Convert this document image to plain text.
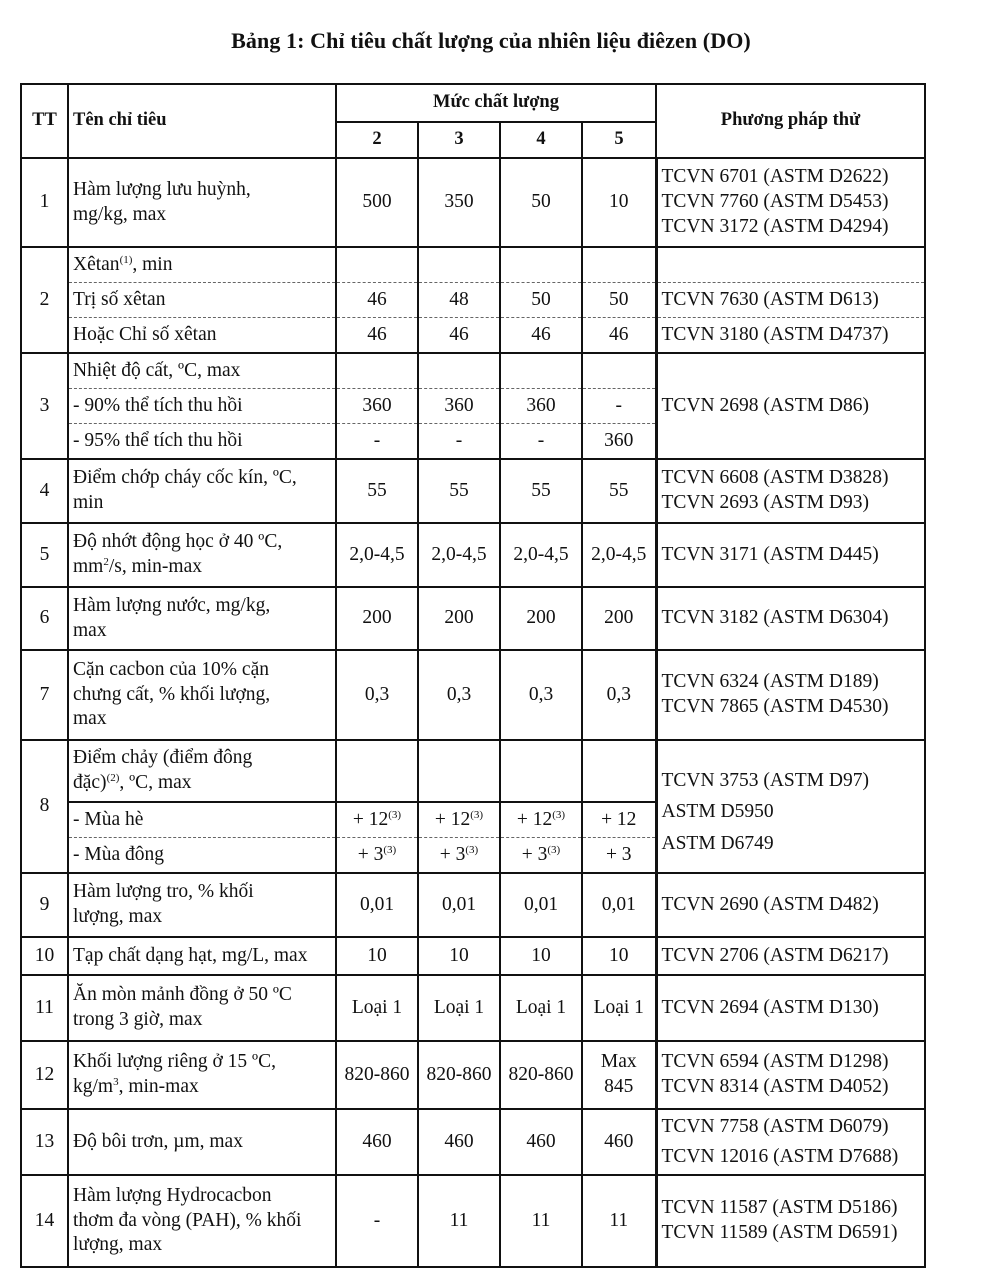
Bảng 1: Chỉ tiêu chất lượng của nhiên liệu điêzen (DO)
TT	Tên chỉ tiêu	Mức chất lượng				Phương pháp thử
		2	3	4	5	
1	Hàm lượng lưu huỳnh,
mg/kg, max	500	350	50	10	TCVN 6701 (ASTM D2622)
TCVN 7760 (ASTM D5453)
TCVN 3172 (ASTM D4294)
2	Xêtan$^{(1)}$, min					
	Trị số xêtan	46	48	50	50	TCVN 7630 (ASTM D613)
	Hoặc Chỉ số xêtan	46	46	46	46	TCVN 3180 (ASTM D4737)
3	Nhiệt độ cất, ºC, max					TCVN 2698 (ASTM D86)
	- 90% thể tích thu hồi	360	360	360	-	
	- 95% thể tích thu hồi	-	-	-	360	
4	Điểm chớp cháy cốc kín, ºC,
min	55	55	55	55	TCVN 6608 (ASTM D3828)
TCVN 2693 (ASTM D93)
5	Độ nhớt động học ở 40 ºC,
$mm^2/s$, min-max	2,0-4,5	2,0-4,5	2,0-4,5	2,0-4,5	TCVN 3171 (ASTM D445)
6	Hàm lượng nước, mg/kg,
max	200	200	200	200	TCVN 3182 (ASTM D6304)
7	Cặn cacbon của 10% cặn
chưng cất, % khối lượng,
max	0,3	0,3	0,3	0,3	TCVN 6324 (ASTM D189)
TCVN 7865 (ASTM D4530)
8	Điểm chảy (điểm đông
đặc)$^{(2)}$, ºC, max					TCVN 3753 (ASTM D97)
ASTM D5950
ASTM D6749
	- Mùa hè	+ $12^{(3)}$	+ $12^{(3)}$	+ $12^{(3)}$	+ 12	
	- Mùa đông	+ $3^{(3)}$	+ $3^{(3)}$	+ $3^{(3)}$	+ 3	
9	Hàm lượng tro, % khối
lượng, max	0,01	0,01	0,01	0,01	TCVN 2690 (ASTM D482)
10	Tạp chất dạng hạt, mg/L, max	10	10	10	10	TCVN 2706 (ASTM D6217)
11	Ăn mòn mảnh đồng ở 50 ºC
trong 3 giờ, max	Loại 1	Loại 1	Loại 1	Loại 1	TCVN 2694 (ASTM D130)
12	Khối lượng riêng ở 15 ºC,
$kg/m^3$, min-max	820-860	820-860	820-860	Max
845	TCVN 6594 (ASTM D1298)
TCVN 8314 (ASTM D4052)
13	Độ bôi trơn, µm, max	460	460	460	460	TCVN 7758 (ASTM D6079)
TCVN 12016 (ASTM D7688)
14	Hàm lượng Hydrocacbon
thơm đa vòng (PAH), % khối
lượng, max	-	11	11	11	TCVN 11587 (ASTM D5186)
TCVN 11589 (ASTM D6591)
